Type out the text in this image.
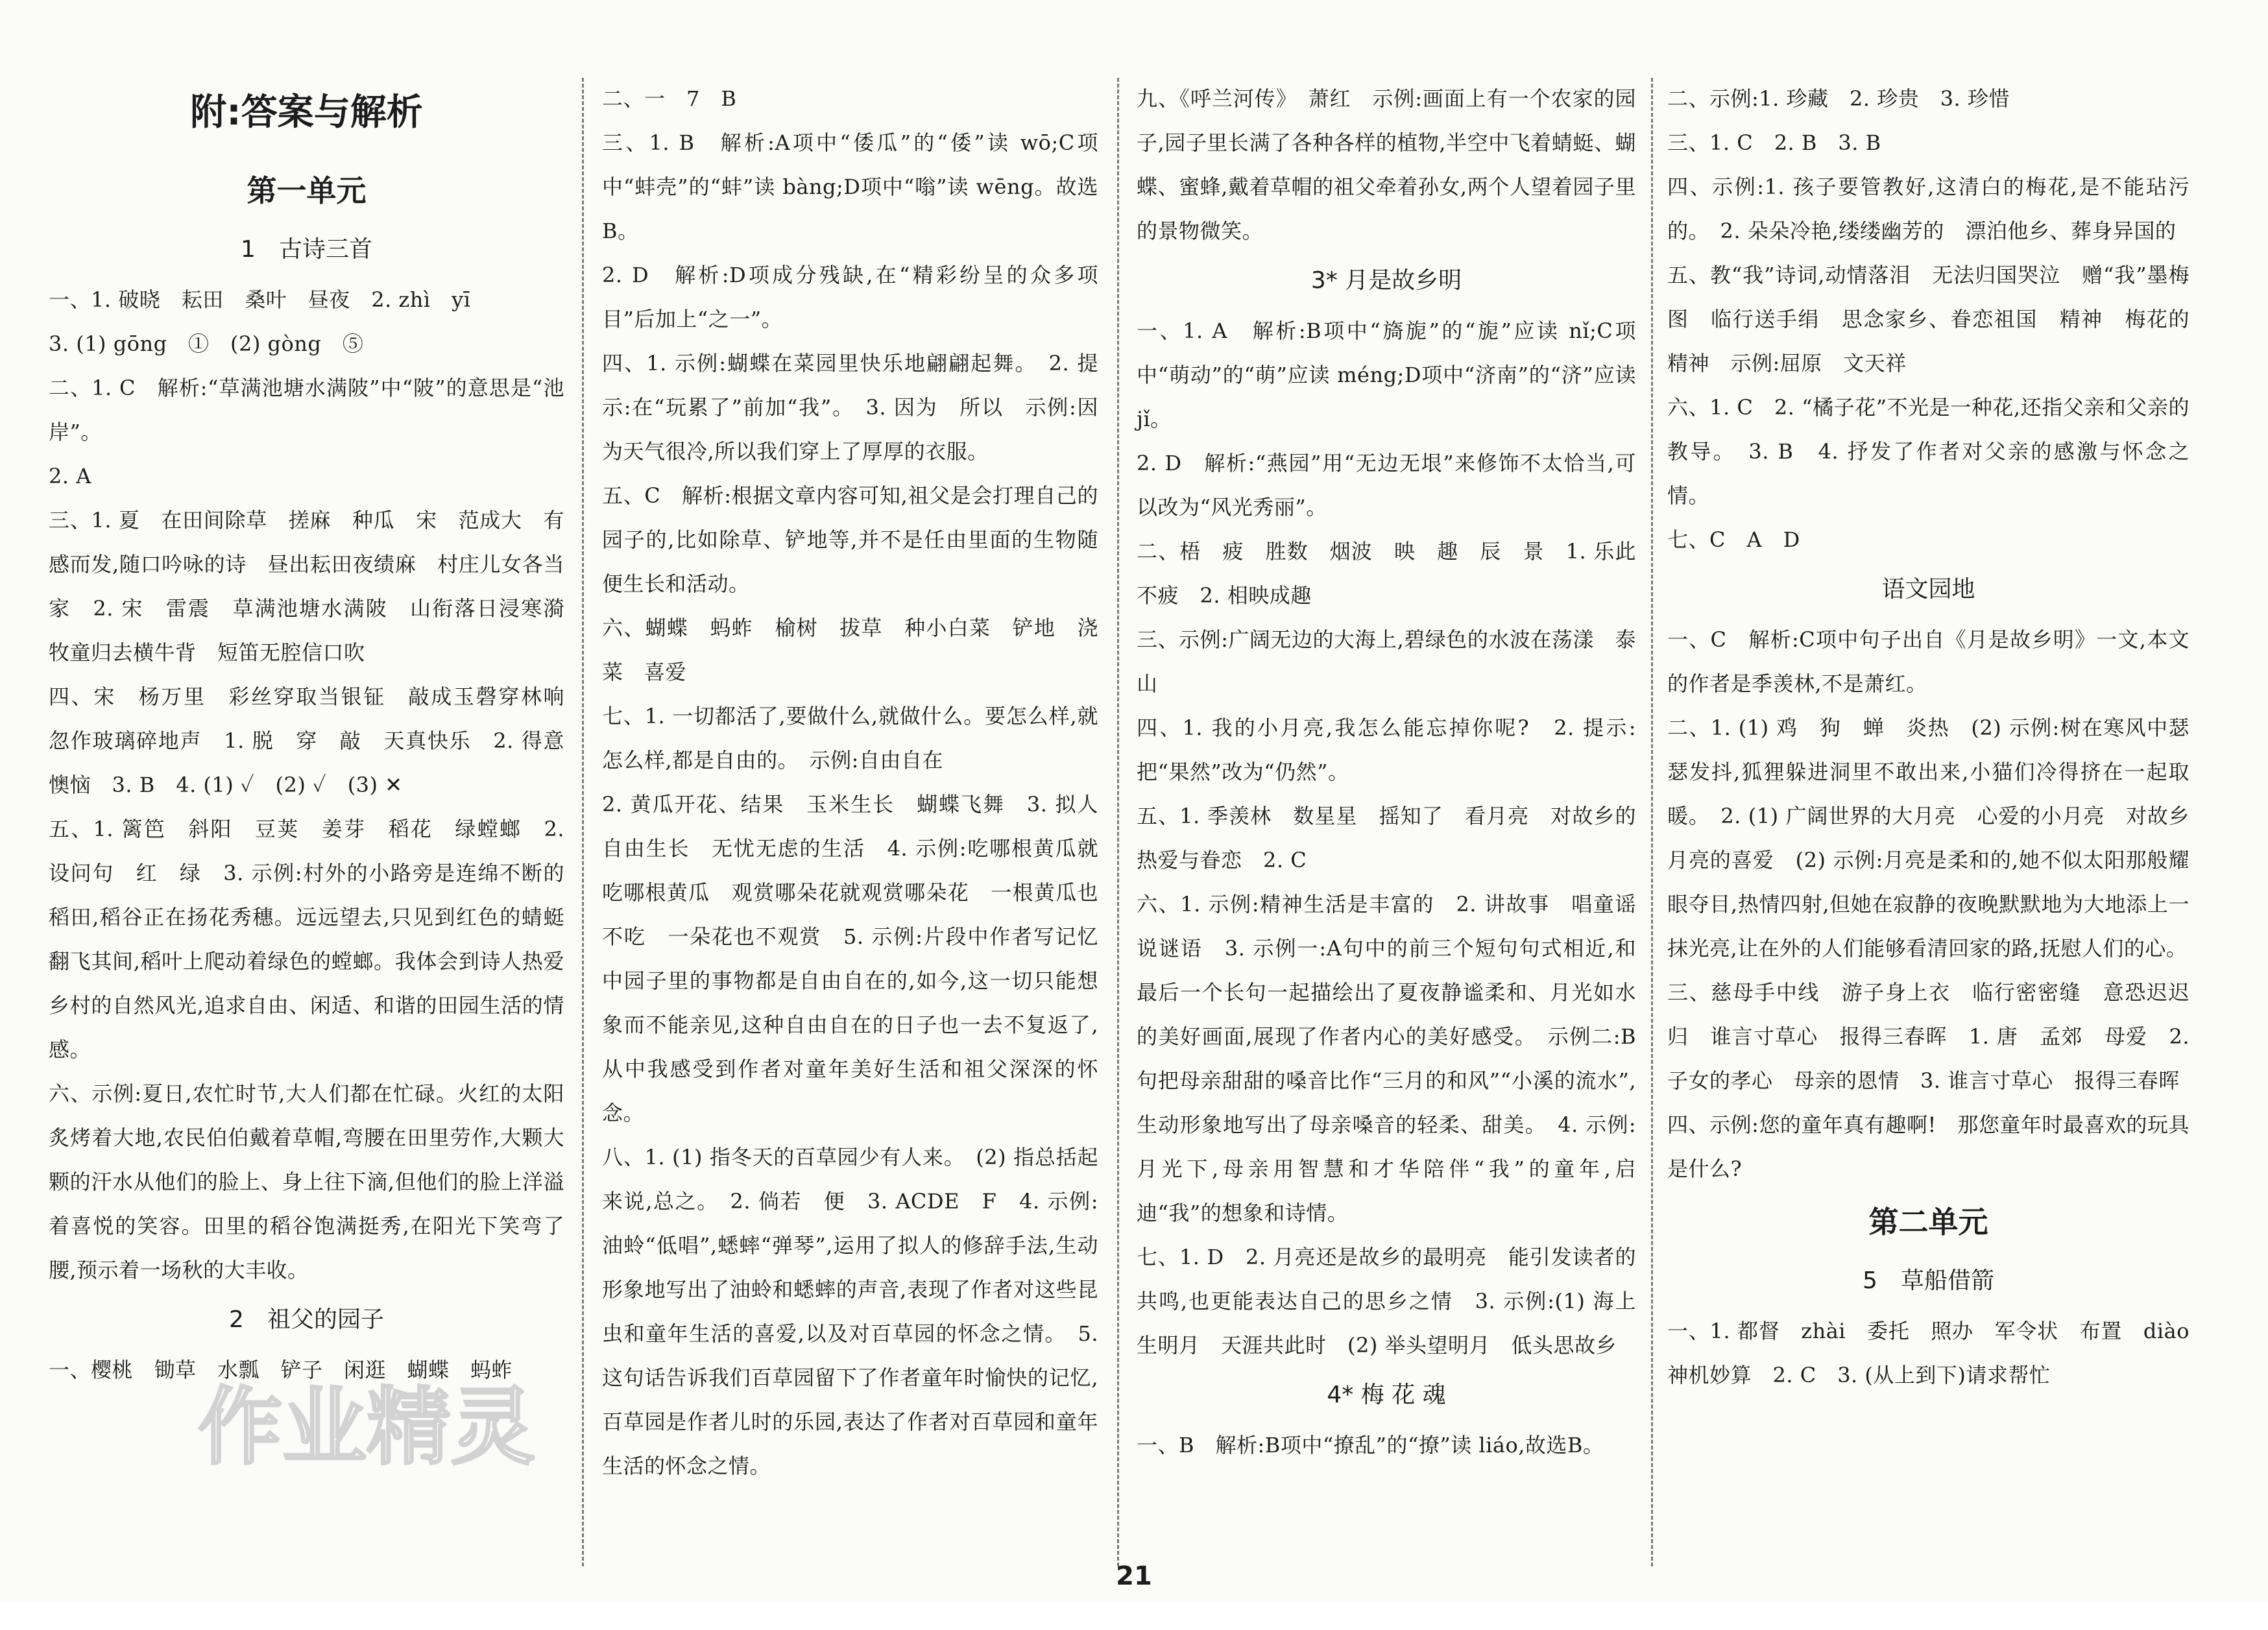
附:答案与解析
第一单元
1　古诗三首

一、1. 破晓　耘田　桑叶　昼夜　2. zhì　yī

3. (1) gōng　①　(2) gòng　⑤

二、1. C　解析:“草满池塘水满陂”中“陂”的意思是“池岸”。

2. A

三、1. 夏　在田间除草　搓麻　种瓜　宋　范成大　有感而发,随口吟咏的诗　昼出耘田夜绩麻　村庄儿女各当家　2. 宋　雷震　草满池塘水满陂　山衔落日浸寒漪　牧童归去横牛背　短笛无腔信口吹

四、宋　杨万里　彩丝穿取当银钲　敲成玉磬穿林响　忽作玻璃碎地声　1. 脱　穿　敲　天真快乐　2. 得意　懊恼　3. B　4. (1) ✓　(2) ✓　(3) ✕

五、1. 篱笆　斜阳　豆荚　姜芽　稻花　绿螳螂　2. 设问句　红　绿　3. 示例:村外的小路旁是连绵不断的稻田,稻谷正在扬花秀穗。远远望去,只见到红色的蜻蜓翻飞其间,稻叶上爬动着绿色的螳螂。我体会到诗人热爱乡村的自然风光,追求自由、闲适、和谐的田园生活的情感。

六、示例:夏日,农忙时节,大人们都在忙碌。火红的太阳炙烤着大地,农民伯伯戴着草帽,弯腰在田里劳作,大颗大颗的汗水从他们的脸上、身上往下滴,但他们的脸上洋溢着喜悦的笑容。田里的稻谷饱满挺秀,在阳光下笑弯了腰,预示着一场秋的大丰收。

2　祖父的园子

一、樱桃　锄草　水瓢　铲子　闲逛　蝴蝶　蚂蚱

二、一　7　B

三、1. B　解析:A项中“倭瓜”的“倭”读 wō;C项中“蚌壳”的“蚌”读 bàng;D项中“嗡”读 wēng。故选B。

2. D　解析:D项成分残缺,在“精彩纷呈的众多项目”后加上“之一”。

四、1. 示例:蝴蝶在菜园里快乐地翩翩起舞。　2. 提示:在“玩累了”前加“我”。　3. 因为　所以　示例:因为天气很冷,所以我们穿上了厚厚的衣服。

五、C　解析:根据文章内容可知,祖父是会打理自己的园子的,比如除草、铲地等,并不是任由里面的生物随便生长和活动。

六、蝴蝶　蚂蚱　榆树　拔草　种小白菜　铲地　浇菜　喜爱

七、1. 一切都活了,要做什么,就做什么。要怎么样,就怎么样,都是自由的。　示例:自由自在

2. 黄瓜开花、结果　玉米生长　蝴蝶飞舞　3. 拟人　自由生长　无忧无虑的生活　4. 示例:吃哪根黄瓜就吃哪根黄瓜　观赏哪朵花就观赏哪朵花　一根黄瓜也不吃　一朵花也不观赏　5. 示例:片段中作者写记忆中园子里的事物都是自由自在的,如今,这一切只能想象而不能亲见,这种自由自在的日子也一去不复返了,从中我感受到作者对童年美好生活和祖父深深的怀念。

八、1. (1) 指冬天的百草园少有人来。　(2) 指总括起来说,总之。　2. 倘若　便　3. ACDE　F　4. 示例:油蛉“低唱”,蟋蟀“弹琴”,运用了拟人的修辞手法,生动形象地写出了油蛉和蟋蟀的声音,表现了作者对这些昆虫和童年生活的喜爱,以及对百草园的怀念之情。　5. 这句话告诉我们百草园留下了作者童年时愉快的记忆,百草园是作者儿时的乐园,表达了作者对百草园和童年生活的怀念之情。

九、《呼兰河传》　萧红　示例:画面上有一个农家的园子,园子里长满了各种各样的植物,半空中飞着蜻蜓、蝴蝶、蜜蜂,戴着草帽的祖父牵着孙女,两个人望着园子里的景物微笑。

3* 月是故乡明

一、1. A　解析:B项中“旖旎”的“旎”应读 nǐ;C项中“萌动”的“萌”应读 méng;D项中“济南”的“济”应读 jǐ。

2. D　解析:“燕园”用“无边无垠”来修饰不太恰当,可以改为“风光秀丽”。

二、梧　疲　胜数　烟波　映　趣　辰　景　1. 乐此不疲　2. 相映成趣

三、示例:广阔无边的大海上,碧绿色的水波在荡漾　泰山

四、1. 我的小月亮,我怎么能忘掉你呢?　2. 提示:把“果然”改为“仍然”。

五、1. 季羡林　数星星　摇知了　看月亮　对故乡的热爱与眷恋　2. C

六、1. 示例:精神生活是丰富的　2. 讲故事　唱童谣　说谜语　3. 示例一:A句中的前三个短句句式相近,和最后一个长句一起描绘出了夏夜静谧柔和、月光如水的美好画面,展现了作者内心的美好感受。　示例二:B句把母亲甜甜的嗓音比作“三月的和风”“小溪的流水”,生动形象地写出了母亲嗓音的轻柔、甜美。　4. 示例:月光下,母亲用智慧和才华陪伴“我”的童年,启迪“我”的想象和诗情。

七、1. D　2. 月亮还是故乡的最明亮　能引发读者的共鸣,也更能表达自己的思乡之情　3. 示例:(1) 海上生明月　天涯共此时　(2) 举头望明月　低头思故乡

4* 梅 花 魂

一、B　解析:B项中“撩乱”的“撩”读 liáo,故选B。

二、示例:1. 珍藏　2. 珍贵　3. 珍惜

三、1. C　2. B　3. B

四、示例:1. 孩子要管教好,这清白的梅花,是不能玷污的。　2. 朵朵冷艳,缕缕幽芳的　漂泊他乡、葬身异国的

五、教“我”诗词,动情落泪　无法归国哭泣　赠“我”墨梅图　临行送手绢　思念家乡、眷恋祖国　精神　梅花的精神　示例:屈原　文天祥

六、1. C　2. “橘子花”不光是一种花,还指父亲和父亲的教导。　3. B　4. 抒发了作者对父亲的感激与怀念之情。

七、C　A　D

语文园地

一、C　解析:C项中句子出自《月是故乡明》一文,本文的作者是季羡林,不是萧红。

二、1. (1) 鸡　狗　蝉　炎热　(2) 示例:树在寒风中瑟瑟发抖,狐狸躲进洞里不敢出来,小猫们冷得挤在一起取暖。　2. (1) 广阔世界的大月亮　心爱的小月亮　对故乡月亮的喜爱　(2) 示例:月亮是柔和的,她不似太阳那般耀眼夺目,热情四射,但她在寂静的夜晚默默地为大地添上一抹光亮,让在外的人们能够看清回家的路,抚慰人们的心。

三、慈母手中线　游子身上衣　临行密密缝　意恐迟迟归　谁言寸草心　报得三春晖　1. 唐　孟郊　母爱　2. 子女的孝心　母亲的恩情　3. 谁言寸草心　报得三春晖

四、示例:您的童年真有趣啊!　那您童年时最喜欢的玩具是什么?

第二单元
5　草船借箭

一、1. 都督　zhài　委托　照办　军令状　布置　diào　神机妙算　2. C　3. (从上到下)请求帮忙

作业精灵
21
